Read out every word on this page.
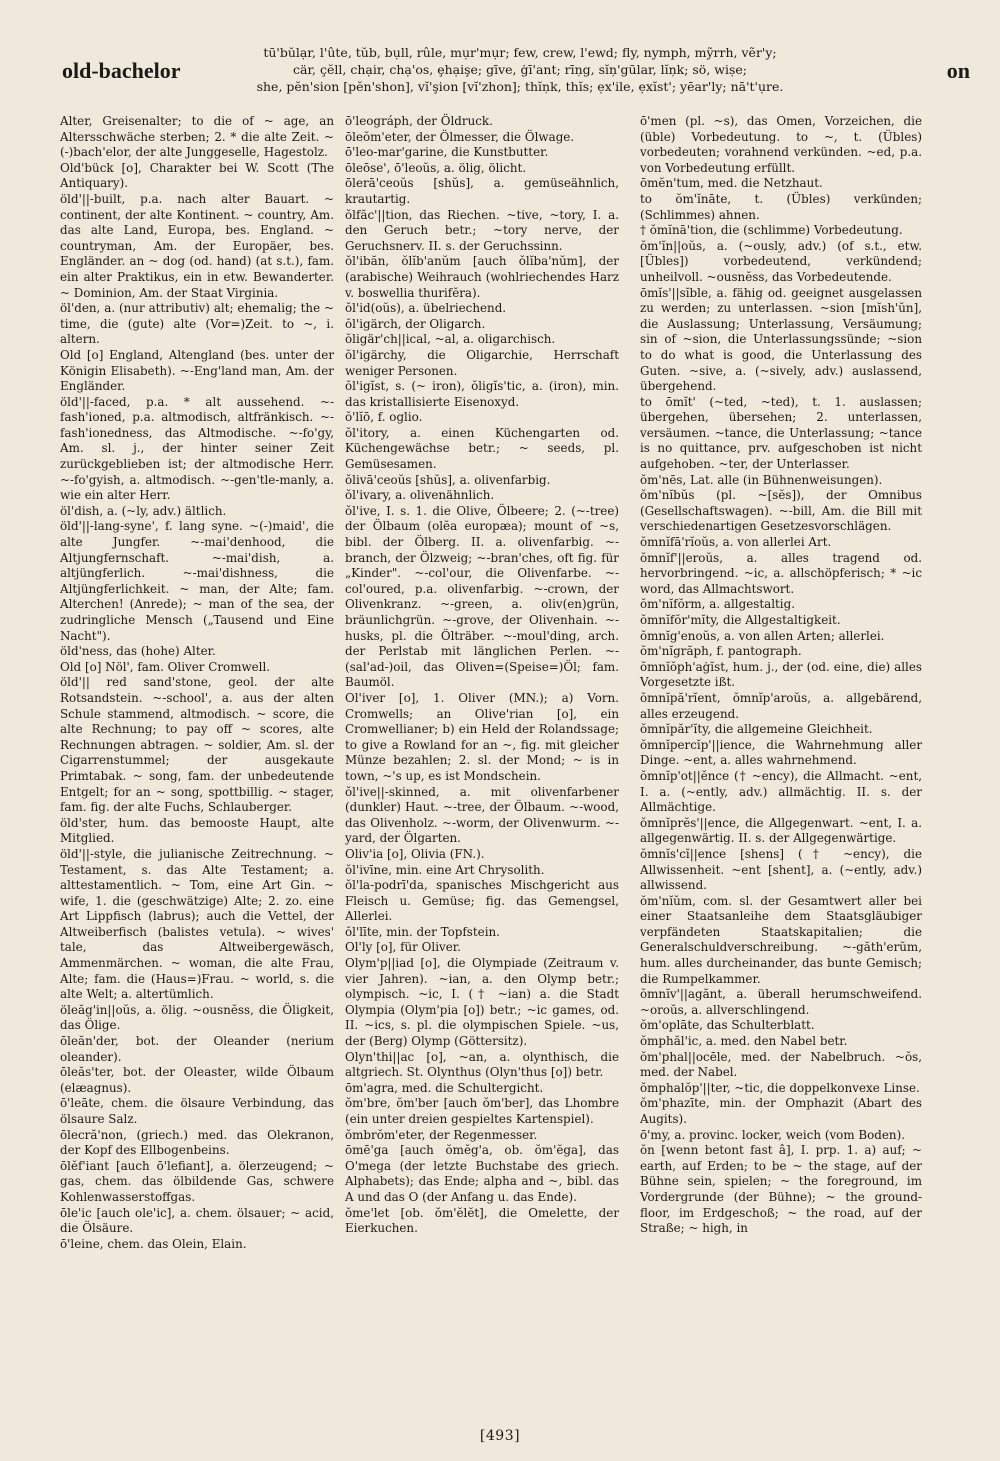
old-bachelor
tū'bŭlạr, l'ûte, tŭb, bụll, rûle, mụr'mụr; few, crew, l'ewd; fly, nymph, mỹrrh, vẽr'y;
cär, çĕll, chạir, chạ'os, ȩhạişe; gīve, ġī'ant; rīņg, sĭņ'gūlar, lĭņk; sö, wiṣe;
she, pĕn'sion [pĕn'shon], vĭ'şion [vĭ'zhon]; thĭņk, thĭs; ẹx'ile, ẹxĭst'; yēar'ly; nā't'ụre.
on

Alter, Greisenalter; to die of ~ age, an Altersschwäche sterben; 2. * die alte Zeit. ~(-)bach'elor, der alte Junggeselle, Hagestolz.

Old'bück [o], Charakter bei W. Scott (The Antiquary).

öld'||-built, p.a. nach alter Bauart. ~ continent, der alte Kontinent. ~ country, Am. das alte Land, Europa, bes. England. ~ countryman, Am. der Europäer, bes. Engländer. an ~ dog (od. hand) (at s.t.), fam. ein alter Praktikus, ein in etw. Bewanderter. ~ Dominion, Am. der Staat Virginia.

öl'den, a. (nur attributiv) alt; ehemalig; the ~ time, die (gute) alte (Vor=)Zeit. to ~, i. altern.

Old [o] England, Altengland (bes. unter der Königin Elisabeth). ~-Eng'land man, Am. der Engländer.

öld'||-faced, p.a. * alt aussehend. ~-fash'ioned, p.a. altmodisch, altfränkisch. ~-fash'ionedness, das Altmodische. ~-fo'gy, Am. sl. j., der hinter seiner Zeit zurückgeblieben ist; der altmodische Herr. ~-fo'gyish, a. altmodisch. ~-gen'tle-manly, a. wie ein alter Herr.

öl'dish, a. (~ly, adv.) ältlich.

öld'||-lang-syne', f. lang syne. ~(-)maid', die alte Jungfer. ~-mai'denhood, die Altjungfernschaft. ~-mai'dish, a. altjüngferlich. ~-mai'dishness, die Altjüngferlichkeit. ~ man, der Alte; fam. Alterchen! (Anrede); ~ man of the sea, der zudringliche Mensch („Tausend und Eine Nacht").

öld'ness, das (hohe) Alter.

Old [o] Nöl', fam. Oliver Cromwell.

öld'|| red sand'stone, geol. der alte Rotsandstein. ~-school', a. aus der alten Schule stammend, altmodisch. ~ score, die alte Rechnung; to pay off ~ scores, alte Rechnungen abtragen. ~ soldier, Am. sl. der Cigarrenstummel; der ausgekaute Primtabak. ~ song, fam. der unbedeutende Entgelt; for an ~ song, spottbillig. ~ stager, fam. fig. der alte Fuchs, Schlauberger.

öld'ster, hum. das bemooste Haupt, alte Mitglied.

öld'||-style, die julianische Zeitrechnung. ~ Testament, s. das Alte Testament; a. alttestamentlich. ~ Tom, eine Art Gin. ~ wife, 1. die (geschwätzige) Alte; 2. zo. eine Art Lippfisch (labrus); auch die Vettel, der Altweiberfisch (balistes vetula). ~ wives' tale, das Altweibergewäsch, Ammenmärchen. ~ woman, die alte Frau, Alte; fam. die (Haus=)Frau. ~ world, s. die alte Welt; a. altertümlich.

öleăg'in||oŭs, a. ölig. ~ousnĕss, die Öligkeit, das Ölige.

ōleăn'der, bot. der Oleander (nerium oleander).

ōleăs'ter, bot. der Oleaster, wilde Ölbaum (elæagnus).

ō'leāte, chem. die ölsaure Verbindung, das ölsaure Salz.

ōlecră'non, (griech.) med. das Olekranon, der Kopf des Ellbogenbeins.

ōlĕf'iant [auch ō'lefiant], a. ölerzeugend; ~ gas, chem. das ölbildende Gas, schwere Kohlenwasserstoffgas.

ōle'ic [auch ole'ic], a. chem. ölsauer; ~ acid, die Ölsäure.

ō'leine, chem. das Olein, Elain.

ō'leográph, der Öldruck.

ōleŏm'eter, der Ölmesser, die Ölwage.

ō'leo-mar'garine, die Kunstbutter.

ōleōse', ō'leoŭs, a. ölig, ölicht.

ōlerā'ceoŭs [shŭs], a. gemüseähnlich, krautartig.

ŏlfăc'||tion, das Riechen. ~tive, ~tory, I. a. den Geruch betr.; ~tory nerve, der Geruchsnerv. II. s. der Geruchssinn.

ŏl'ibăn, ŏlĭb'anŭm [auch ŏlĭba'nŭm], der (arabische) Weihrauch (wohlriechendes Harz v. boswellia thurifĕra).

ŏl'id(oŭs), a. übelriechend.

ŏl'igärch, der Oligarch.

ŏligär'ch||ical, ~al, a. oligarchisch.

ŏl'igärchy, die Oligarchie, Herrschaft weniger Personen.

ŏl'igĭst, s. (~ iron), ŏligĭs'tic, a. (iron), min. das kristallisierte Eisenoxyd.

ŏ'lĭō, f. oglio.

ŏl'itory, a. einen Küchengarten od. Küchengewächse betr.; ~ seeds, pl. Gemüsesamen.

ŏlivā'ceoŭs [shŭs], a. olivenfarbig.

ŏl'ivary, a. olivenähnlich.

ŏl'ive, I. s. 1. die Olive, Ölbeere; 2. (~-tree) der Ölbaum (olĕa europæa); mount of ~s, bibl. der Ölberg. II. a. olivenfarbig. ~-branch, der Ölzweig; ~-bran'ches, oft fig. für „Kinder". ~-col'our, die Olivenfarbe. ~-col'oured, p.a. olivenfarbig. ~-crown, der Olivenkranz. ~-green, a. oliv(en)grün, bräunlichgrün. ~-grove, der Olivenhain. ~-husks, pl. die Ölträber. ~-moul'ding, arch. der Perlstab mit länglichen Perlen. ~-(sal'ad-)oil, das Oliven=(Speise=)Öl; fam. Baumöl.

Ol'iver [o], 1. Oliver (MN.); a) Vorn. Cromwells; an Olive'rian [o], ein Cromwellianer; b) ein Held der Rolandssage; to give a Rowland for an ~, fig. mit gleicher Münze bezahlen; 2. sl. der Mond; ~ is in town, ~'s up, es ist Mondschein.

ŏl'ive||-skinned, a. mit olivenfarbener (dunkler) Haut. ~-tree, der Ölbaum. ~-wood, das Olivenholz. ~-worm, der Olivenwurm. ~-yard, der Ölgarten.

Oliv'ia [o], Olivia (FN.).

ŏl'ivīne, min. eine Art Chrysolith.

ŏl'la-podrī'da, spanisches Mischgericht aus Fleisch u. Gemüse; fig. das Gemengsel, Allerlei.

ŏl'līte, min. der Topfstein.

Ol'ly [o], für Oliver.

Olym'p||iad [o], die Olympiade (Zeitraum v. vier Jahren). ~ian, a. den Olymp betr.; olympisch. ~ic, I. († ~ian) a. die Stadt Olympia (Olym'pia [o]) betr.; ~ic games, od. II. ~ics, s. pl. die olympischen Spiele. ~us, der (Berg) Olymp (Göttersitz).

Olyn'thi||ac [o], ~an, a. olynthisch, die altgriech. St. Olynthus (Olyn'thus [o]) betr.

ōm'agra, med. die Schultergicht.

ŏm'bre, ŏm'ber [auch ŏm'ber], das Lhombre (ein unter dreien gespieltes Kartenspiel).

ŏmbrŏm'eter, der Regenmesser.

ōmē'ga [auch ŏmĕg'a, ob. ŏm'ĕga], das O'mega (der letzte Buchstabe des griech. Alphabets); das Ende; alpha and ~, bibl. das A und das O (der Anfang u. das Ende).

ŏme'let [ob. ŏm'ĕlĕt], die Omelette, der Eierkuchen.

ō'men (pl. ~s), das Omen, Vorzeichen, die (üble) Vorbedeutung. to ~, t. (Übles) vorbedeuten; vorahnend verkünden. ~ed, p.a. von Vorbedeutung erfüllt.

ōmĕn'tum, med. die Netzhaut.

to ŏm'ĭnāte, t. (Übles) verkünden; (Schlimmes) ahnen.

† ŏmĭnā'tion, die (schlimme) Vorbedeutung.

ŏm'ĭn||oŭs, a. (~ously, adv.) (of s.t., etw. [Übles]) vorbedeutend, verkündend; unheilvoll. ~ousnĕss, das Vorbedeutende.

ōmĭs'||sĭble, a. fähig od. geeignet ausgelassen zu werden; zu unterlassen. ~sion [mĭsh'ŭn], die Auslassung; Unterlassung, Versäumung; sin of ~sion, die Unterlassungssünde; ~sion to do what is good, die Unterlassung des Guten. ~sive, a. (~sively, adv.) auslassend, übergehend.

to ōmĭt' (~ted, ~ted), t. 1. auslassen; übergehen, übersehen; 2. unterlassen, versäumen. ~tance, die Unterlassung; ~tance is no quittance, prv. aufgeschoben ist nicht aufgehoben. ~ter, der Unterlasser.

ŏm'nēs, Lat. alle (in Bühnenweisungen).

ŏm'nĭbŭs (pl. ~[sĕs]), der Omnibus (Gesellschaftswagen). ~-bill, Am. die Bill mit verschiedenartigen Gesetzesvorschlägen.

ŏmnĭfā'rĭoŭs, a. von allerlei Art.

ŏmnĭf'||eroŭs, a. alles tragend od. hervorbringend. ~ic, a. allschöpferisch; * ~ic word, das Allmachtswort.

ŏm'nĭfŏrm, a. allgestaltig.

ŏmnĭfŏr'mĭty, die Allgestaltigkeit.

ŏmnĭg'enoŭs, a. von allen Arten; allerlei.

ŏm'nĭgrăph, f. pantograph.

ŏmnĭŏph'aġĭst, hum. j., der (od. eine, die) alles Vorgesetzte ißt.

ŏmnĭpă'rĭent, ŏmnĭp'aroŭs, a. allgebärend, alles erzeugend.

ŏmnĭpăr'ĭty, die allgemeine Gleichheit.

ŏmnĭpercĭp'||ience, die Wahrnehmung aller Dinge. ~ent, a. alles wahrnehmend.

ŏmnĭp'ot||ĕnce († ~ency), die Allmacht. ~ent, I. a. (~ently, adv.) allmächtig. II. s. der Allmächtige.

ŏmnĭprĕs'||ence, die Allgegenwart. ~ent, I. a. allgegenwärtig. II. s. der Allgegenwärtige.

ŏmnĭs'cĭ||ence [shens] († ~ency), die Allwissenheit. ~ent [shent], a. (~ently, adv.) allwissend.

ŏm'nĭŭm, com. sl. der Gesamtwert aller bei einer Staatsanleihe dem Staatsgläubiger verpfändeten Staatskapitalien; die Generalschuldverschreibung. ~-găth'erŭm, hum. alles durcheinander, das bunte Gemisch; die Rumpelkammer.

ŏmnĭv'||agănt, a. überall herumschweifend. ~oroŭs, a. allverschlingend.

ŏm'oplāte, das Schulterblatt.

ŏmphăl'ic, a. med. den Nabel betr.

ŏm'phal||ocēle, med. der Nabelbruch. ~ŏs, med. der Nabel.

ŏmphalŏp'||ter, ~tic, die doppelkonvexe Linse.

ŏm'phazīte, min. der Omphazit (Abart des Augits).

ō'my, a. provinc. locker, weich (vom Boden).

ŏn [wenn betont fast â], I. prp. 1. a) auf; ~ earth, auf Erden; to be ~ the stage, auf der Bühne sein, spielen; ~ the foreground, im Vordergrunde (der Bühne); ~ the ground-floor, im Erdgeschoß; ~ the road, auf der Straße; ~ high, in

[493]
